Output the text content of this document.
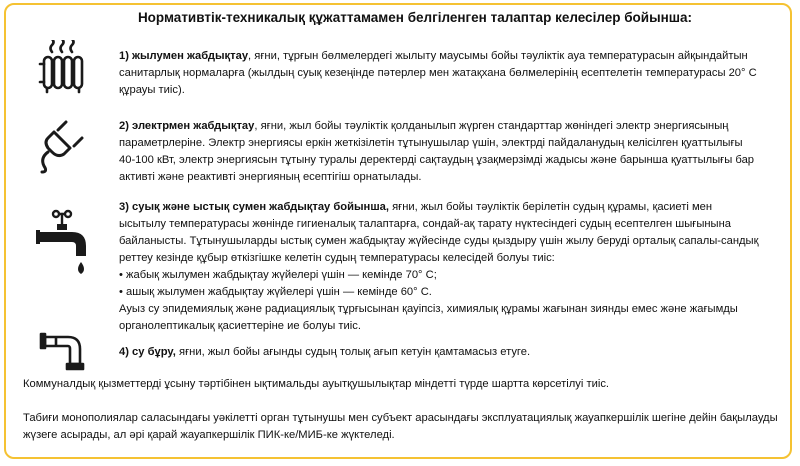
Нормативтік-техникалық құжаттамамен белгіленген талаптар келесілер бойынша:
1) жылумен жабдықтау, яғни, тұрғын бөлмелердегі жылыту маусымы бойы тәуліктік ауа температурасын айқындайтын санитарлық нормаларға (жылдың суық кезеңінде пәтерлер мен жатақхана бөлмелерінің есептелетін температурасы 20° С құрауы тиіс).
2) электрмен жабдықтау, яғни, жыл бойы тәуліктік қолданылып жүрген стандарттар жөніндегі электр энергиясының параметрлеріне. Электр энергиясы еркін жеткізілетін тұтынушылар үшін, электрді пайдаланудың келісілген қуаттылығы 40-100 кВт, электр энергиясын тұтыну туралы деректерді сақтаудың ұзақмерзімді жадысы және барынша қуаттылығы бар активті және реактивті энергияның есептігіш орнатылады.
3) суық және ыстық сумен жабдықтау бойынша, яғни, жыл бойы тәуліктік берілетін судың құрамы, қасиеті мен ысытылу температурасы жөнінде гигиеналық талаптарға, сондай-ақ тарату нүктесіндегі судың есептелген шығынына байланысты. Тұтынушыларды ыстық сумен жабдықтау жүйесінде суды қыздыру үшін жылу беруді орталық сапалы-сандық реттеу кезінде құбыр өткізгішке келетін судың температурасы келесідей болуы тиіс:
• жабық жылумен жабдықтау жүйелері үшін — кемінде 70° С;
• ашық жылумен жабдықтау жүйелері үшін — кемінде 60° С.
Ауыз су эпидемиялық және радиациялық тұрғысынан қауіпсіз, химиялық құрамы жағынан зиянды емес және жағымды органолептикалық қасиеттеріне ие болуы тиіс.
4) су бұру, яғни, жыл бойы ағынды судың толық ағып кетуін қамтамасыз етуге.
Коммуналдық қызметтерді ұсыну тәртібінен ықтимальды ауытқушылықтар міндетті түрде шартта көрсетілуі тиіс.
Табиғи монополиялар саласындағы уәкілетті орган тұтынушы мен субъект арасындағы эксплуатациялық жауапкершілік шегіне дейін бақылауды жүзеге асырады, ал әрі қарай жауапкершілік ПИК-ке/МИБ-ке жүктеледі.
